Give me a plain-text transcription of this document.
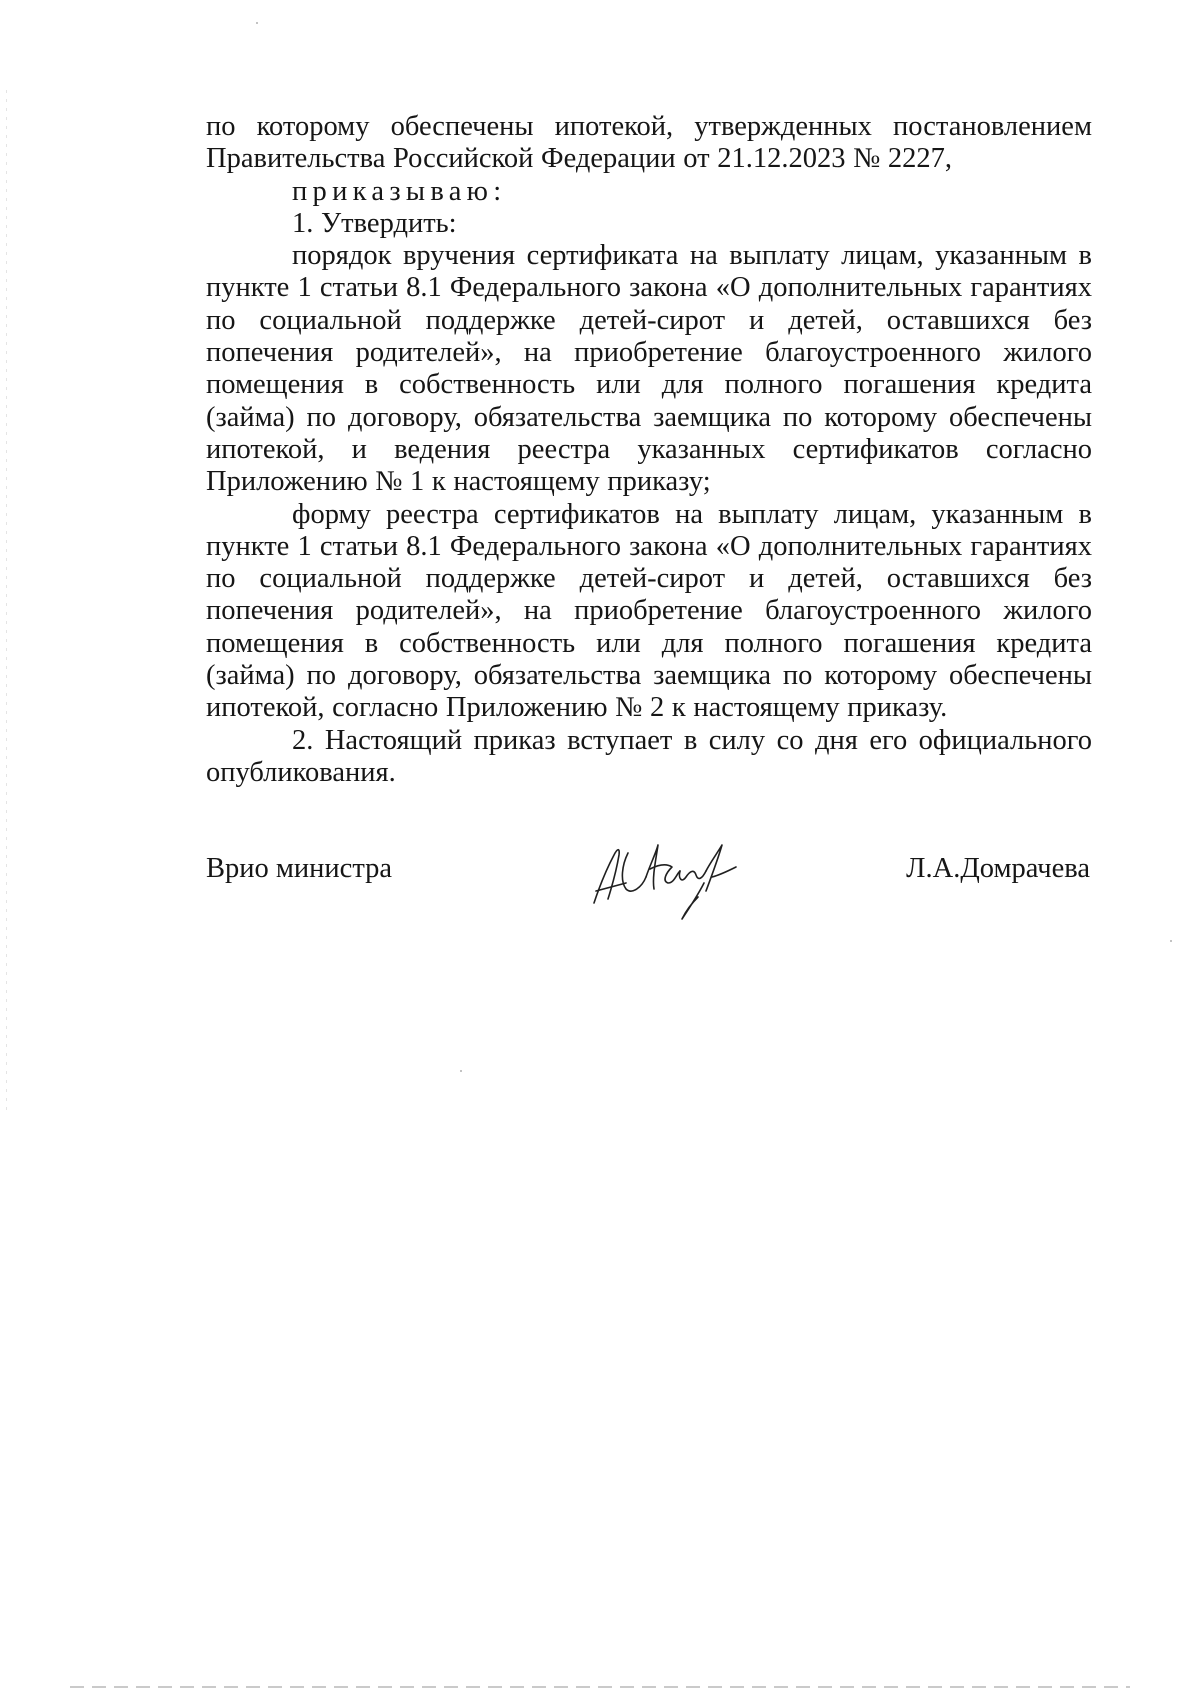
по которому обеспечены ипотекой, утвержденных постановлением Правительства Российской Федерации от 21.12.2023 № 2227,

приказываю:

1. Утвердить:

порядок вручения сертификата на выплату лицам, указанным в пункте 1 статьи 8.1 Федерального закона «О дополнительных гарантиях по социальной поддержке детей-сирот и детей, оставшихся без попечения родителей», на приобретение благоустроенного жилого помещения в собственность или для полного погашения кредита (займа) по договору, обязательства заемщика по которому обеспечены ипотекой, и ведения реестра указанных сертификатов согласно Приложению № 1 к настоящему приказу;

форму реестра сертификатов на выплату лицам, указанным в пункте 1 статьи 8.1 Федерального закона «О дополнительных гарантиях по социальной поддержке детей-сирот и детей, оставшихся без попечения родителей», на приобретение благоустроенного жилого помещения в собственность или для полного погашения кредита (займа) по договору, обязательства заемщика по которому обеспечены ипотекой, согласно Приложению № 2 к настоящему приказу.

2. Настоящий приказ вступает в силу со дня его официального опубликования.

Врио министра	Л.А.Домрачева
